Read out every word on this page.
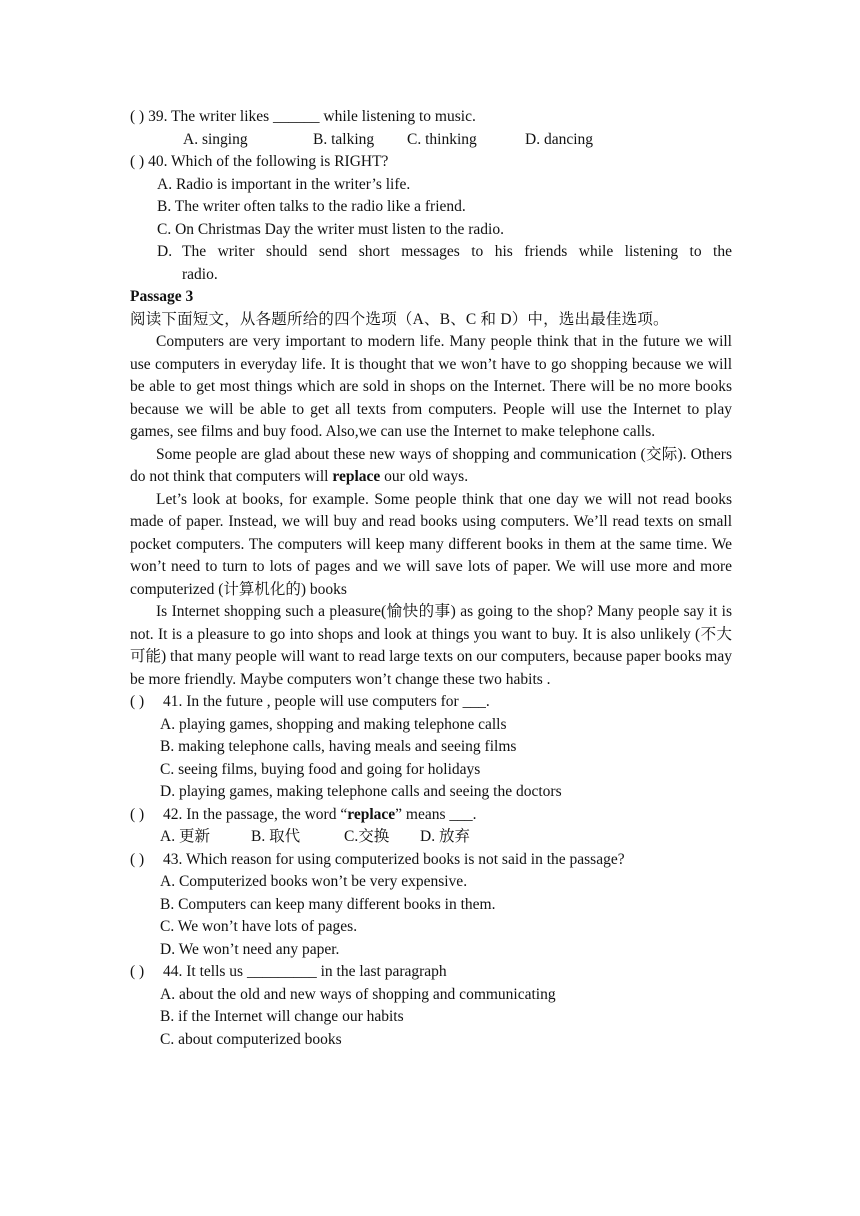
( ) 39. The writer likes ______ while listening to music.
A. singing	B. talking C. thinking	D. dancing
( ) 40. Which of the following is RIGHT?
A. Radio is important in the writer’s life.
B. The writer often talks to the radio like a friend.
C. On Christmas Day the writer must listen to the radio.
D. The writer should send short messages to his friends while listening to the
radio.
Passage 3
阅读下面短文，从各题所给的四个选项（A、B、C 和 D）中，选出最佳选项。
Computers are very important to modern life. Many people think that in the future we will use computers in everyday life. It is thought that we won’t have to go shopping because we will be able to get most things which are sold in shops on the Internet. There will be no more books because we will be able to get all texts from computers. People will use the Internet to play games, see films and buy food. Also,we can use the Internet to make telephone calls.
Some people are glad about these new ways of shopping and communication (交际). Others do not think that computers will replace our old ways.
Let’s look at books, for example. Some people think that one day we will not read books made of paper. Instead, we will buy and read books using computers. We’ll read texts on small pocket computers. The computers will keep many different books in them at the same time. We won’t need to turn to lots of pages and we will save lots of paper. We will use more and more computerized (计算机化的) books
Is Internet shopping such a pleasure(愉快的事) as going to the shop? Many people say it is not. It is a pleasure to go into shops and look at things you want to buy. It is also unlikely (不大可能) that many people will want to read large texts on our computers, because paper books may be more friendly. Maybe computers won’t change these two habits .
( ) 41. In the future , people will use computers for ___.
A. playing games, shopping and making telephone calls
B. making telephone calls, having meals and seeing films
C. seeing films, buying food and going for holidays
D. playing games, making telephone calls and seeing the doctors
( ) 42. In the passage, the word “replace” means ___.
A. 更新	B. 取代	C.交换 D. 放弃
( ) 43. Which reason for using computerized books is not said in the passage?
A. Computerized books won’t be very expensive.
B. Computers can keep many different books in them.
C. We won’t have lots of pages.
D. We won’t need any paper.
( ) 44. It tells us _________ in the last paragraph
A. about the old and new ways of shopping and communicating
B. if the Internet will change our habits
C. about computerized books
